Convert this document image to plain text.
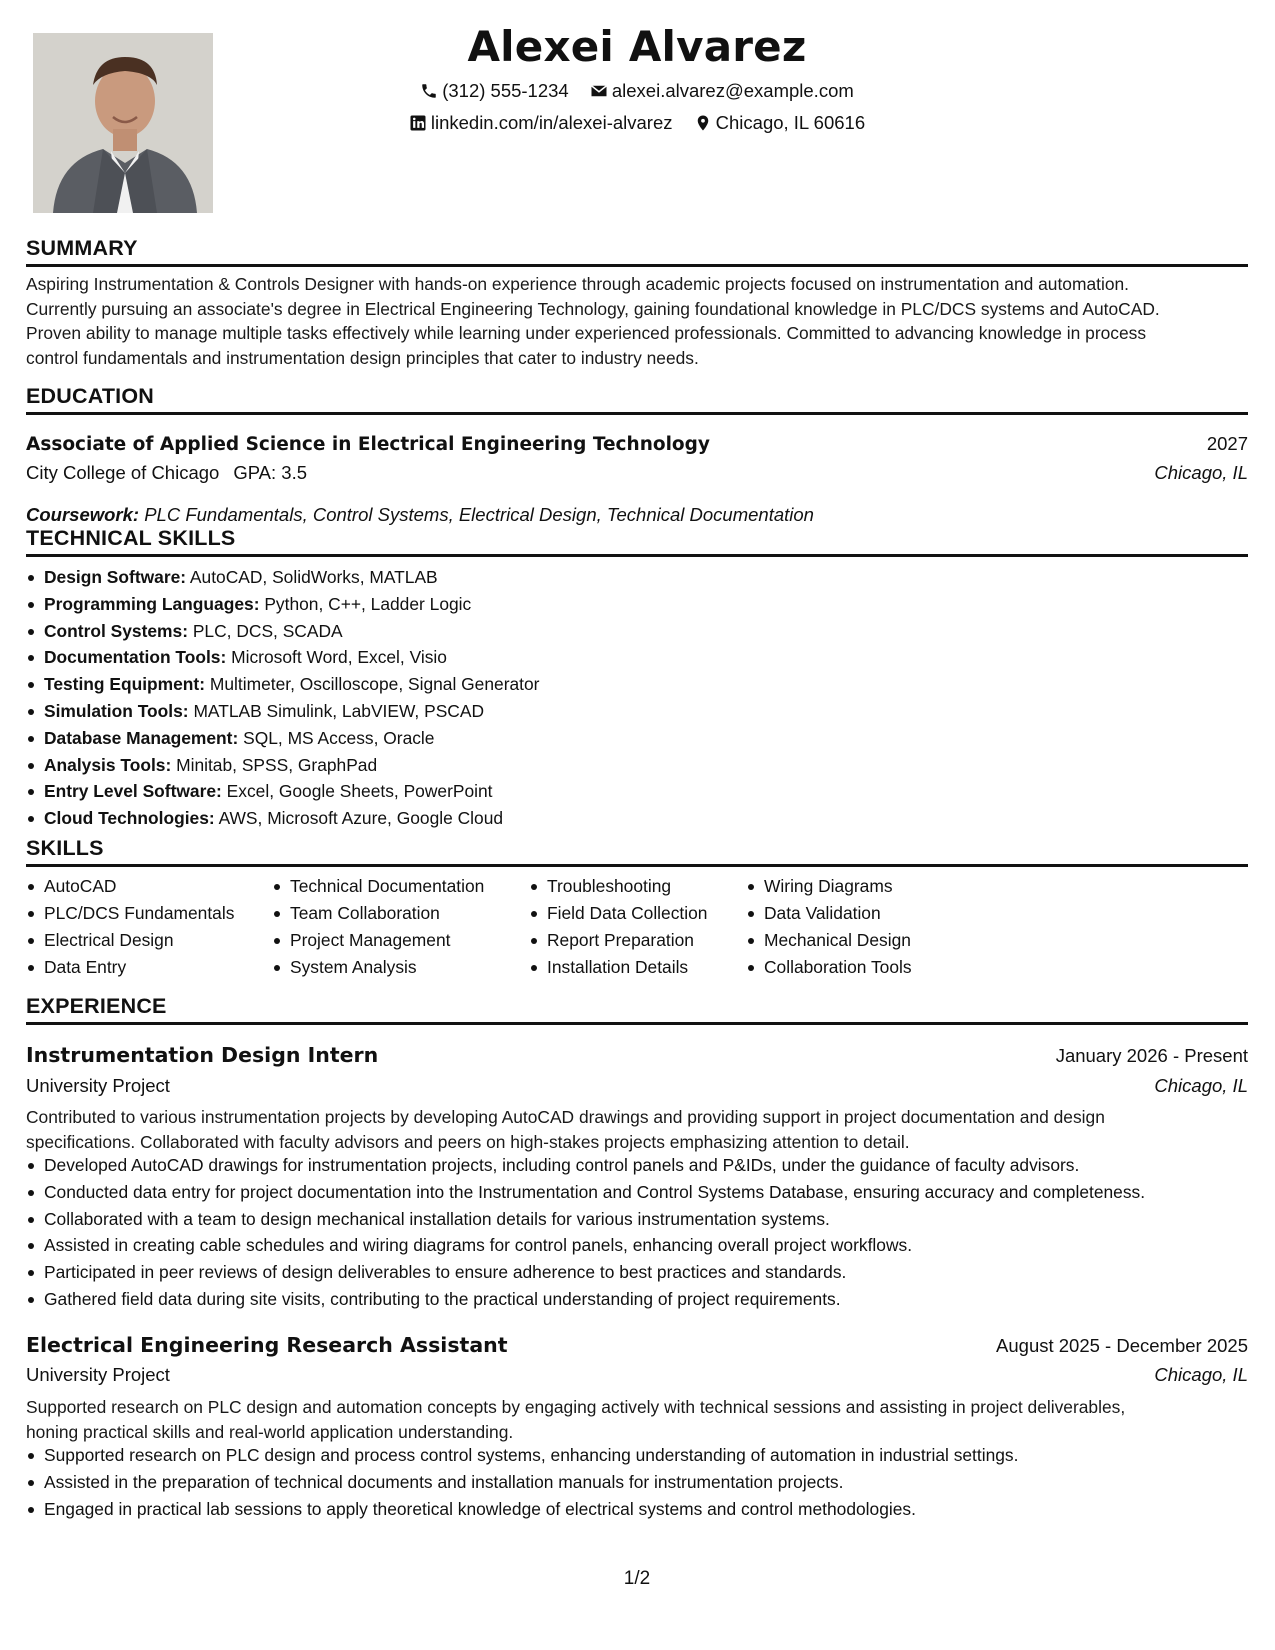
Alexei Alvarez
(312) 555-1234
alexei.alvarez@example.com
linkedin.com/in/alexei-alvarez
Chicago, IL 60616
SUMMARY
Aspiring Instrumentation & Controls Designer with hands-on experience through academic projects focused on instrumentation and automation.
Currently pursuing an associate's degree in Electrical Engineering Technology, gaining foundational knowledge in PLC/DCS systems and AutoCAD.
Proven ability to manage multiple tasks effectively while learning under experienced professionals. Committed to advancing knowledge in process
control fundamentals and instrumentation design principles that cater to industry needs.
EDUCATION
Associate of Applied Science in Electrical Engineering Technology	2027
City College of Chicago GPA: 3.5	Chicago, IL
Coursework: PLC Fundamentals, Control Systems, Electrical Design, Technical Documentation
TECHNICAL SKILLS
Design Software: AutoCAD, SolidWorks, MATLAB
Programming Languages: Python, C++, Ladder Logic
Control Systems: PLC, DCS, SCADA
Documentation Tools: Microsoft Word, Excel, Visio
Testing Equipment: Multimeter, Oscilloscope, Signal Generator
Simulation Tools: MATLAB Simulink, LabVIEW, PSCAD
Database Management: SQL, MS Access, Oracle
Analysis Tools: Minitab, SPSS, GraphPad
Entry Level Software: Excel, Google Sheets, PowerPoint
Cloud Technologies: AWS, Microsoft Azure, Google Cloud
SKILLS
AutoCAD
PLC/DCS Fundamentals
Electrical Design
Data Entry
Technical Documentation
Team Collaboration
Project Management
System Analysis
Troubleshooting
Field Data Collection
Report Preparation
Installation Details
Wiring Diagrams
Data Validation
Mechanical Design
Collaboration Tools
EXPERIENCE
Instrumentation Design Intern	January 2026 - Present
University Project	Chicago, IL
Contributed to various instrumentation projects by developing AutoCAD drawings and providing support in project documentation and design
specifications. Collaborated with faculty advisors and peers on high-stakes projects emphasizing attention to detail.
Developed AutoCAD drawings for instrumentation projects, including control panels and P&IDs, under the guidance of faculty advisors.
Conducted data entry for project documentation into the Instrumentation and Control Systems Database, ensuring accuracy and completeness.
Collaborated with a team to design mechanical installation details for various instrumentation systems.
Assisted in creating cable schedules and wiring diagrams for control panels, enhancing overall project workflows.
Participated in peer reviews of design deliverables to ensure adherence to best practices and standards.
Gathered field data during site visits, contributing to the practical understanding of project requirements.
Electrical Engineering Research Assistant	August 2025 - December 2025
University Project	Chicago, IL
Supported research on PLC design and automation concepts by engaging actively with technical sessions and assisting in project deliverables,
honing practical skills and real-world application understanding.
Supported research on PLC design and process control systems, enhancing understanding of automation in industrial settings.
Assisted in the preparation of technical documents and installation manuals for instrumentation projects.
Engaged in practical lab sessions to apply theoretical knowledge of electrical systems and control methodologies.
1/2
